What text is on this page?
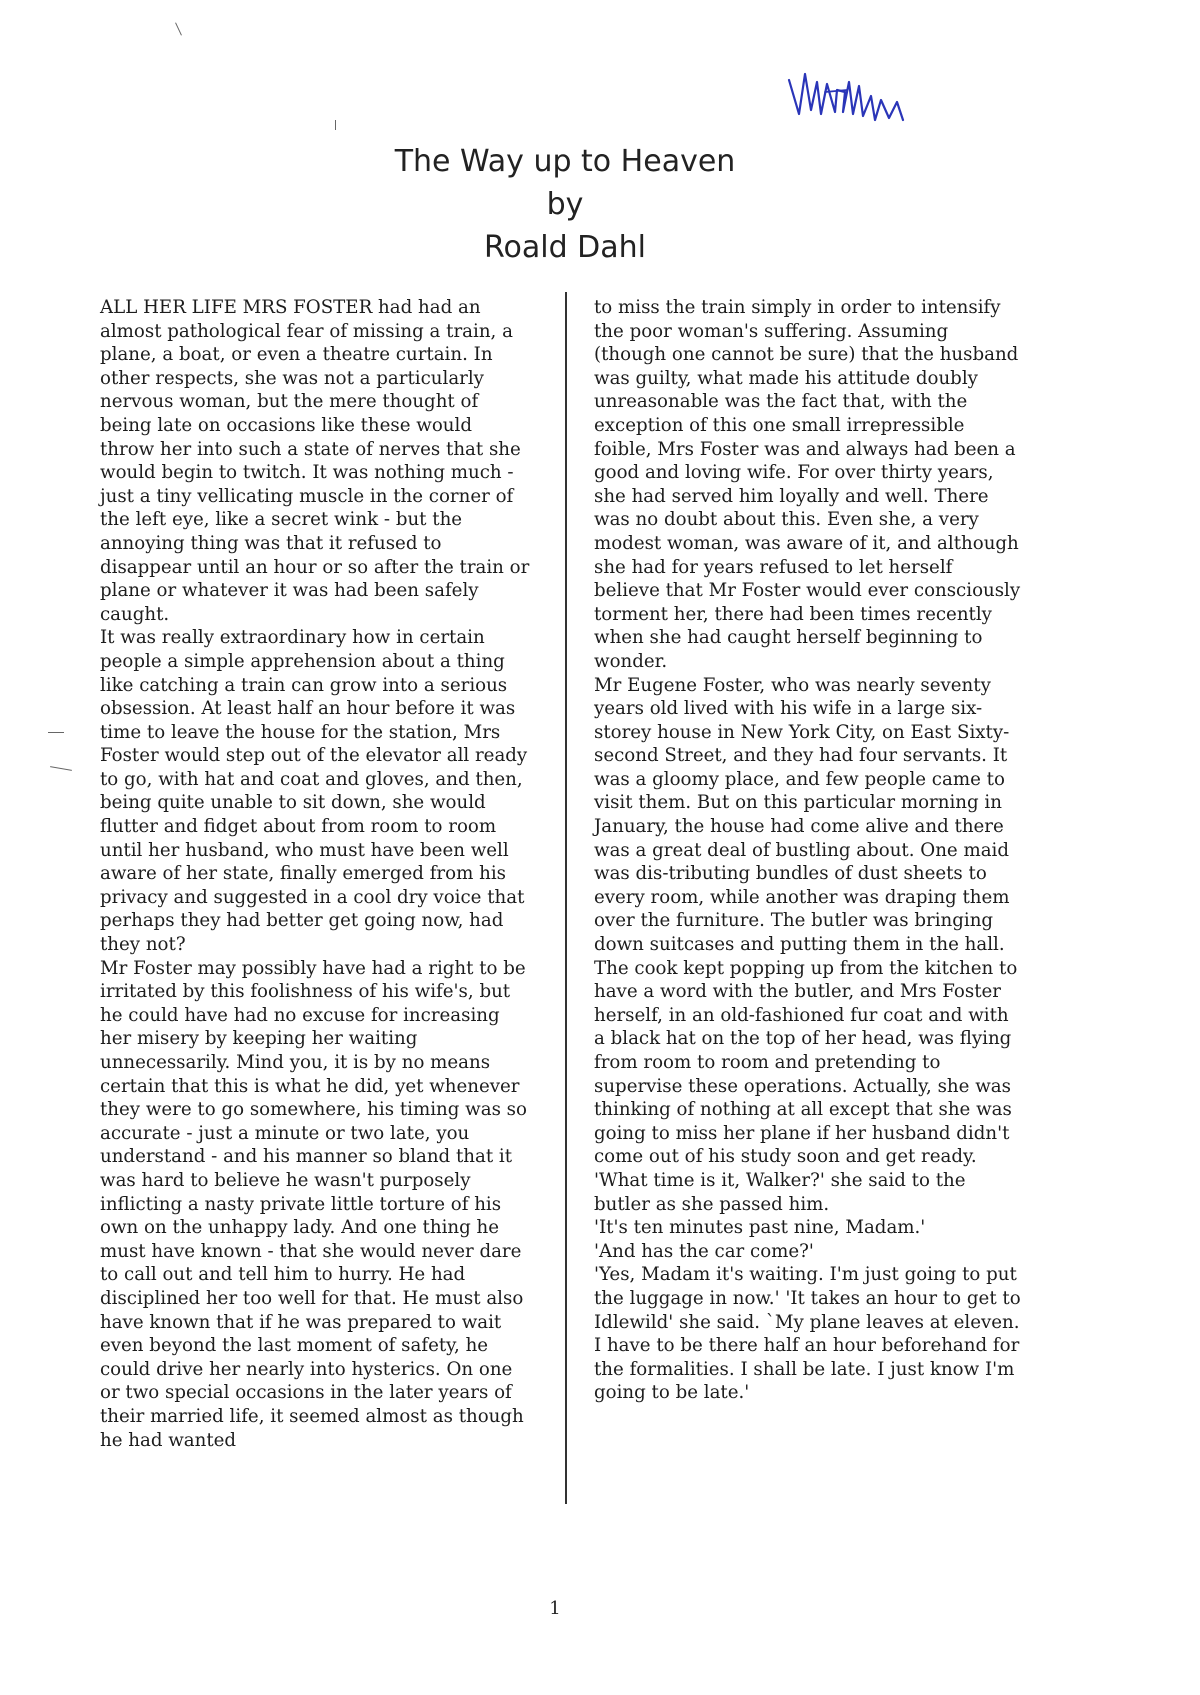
The Way up to Heaven
by
Roald Dahl

ALL HER LIFE MRS FOSTER had had an almost pathological fear of missing a train, a plane, a boat, or even a theatre curtain. In other respects, she was not a particularly nervous woman, but the mere thought of being late on occasions like these would throw her into such a state of nerves that she would begin to twitch. It was nothing much - just a tiny vellicating muscle in the corner of the left eye, like a secret wink - but the annoying thing was that it refused to disappear until an hour or so after the train or plane or whatever it was had been safely caught.

It was really extraordinary how in certain people a simple apprehension about a thing like catching a train can grow into a serious obsession. At least half an hour before it was time to leave the house for the station, Mrs Foster would step out of the elevator all ready to go, with hat and coat and gloves, and then, being quite unable to sit down, she would flutter and fidget about from room to room until her husband, who must have been well aware of her state, finally emerged from his privacy and suggested in a cool dry voice that perhaps they had better get going now, had they not?

Mr Foster may possibly have had a right to be irritated by this foolishness of his wife's, but he could have had no excuse for increasing her misery by keeping her waiting unnecessarily. Mind you, it is by no means certain that this is what he did, yet whenever they were to go somewhere, his timing was so accurate - just a minute or two late, you understand - and his manner so bland that it was hard to believe he wasn't purposely inflicting a nasty private little torture of his own on the unhappy lady. And one thing he must have known - that she would never dare to call out and tell him to hurry. He had disciplined her too well for that. He must also have known that if he was prepared to wait even beyond the last moment of safety, he could drive her nearly into hysterics. On one or two special occasions in the later years of their married life, it seemed almost as though he had wanted

to miss the train simply in order to intensify the poor woman's suffering. Assuming (though one cannot be sure) that the husband was guilty, what made his attitude doubly unreasonable was the fact that, with the exception of this one small irrepressible foible, Mrs Foster was and always had been a good and loving wife. For over thirty years, she had served him loyally and well. There was no doubt about this. Even she, a very modest woman, was aware of it, and although she had for years refused to let herself believe that Mr Foster would ever consciously torment her, there had been times recently when she had caught herself beginning to wonder.

Mr Eugene Foster, who was nearly seventy years old lived with his wife in a large six-storey house in New York City, on East Sixty-second Street, and they had four servants. It was a gloomy place, and few people came to visit them. But on this particular morning in January, the house had come alive and there was a great deal of bustling about. One maid was dis-tributing bundles of dust sheets to every room, while another was draping them over the furniture. The butler was bringing down suitcases and putting them in the hall. The cook kept popping up from the kitchen to have a word with the butler, and Mrs Foster herself, in an old-fashioned fur coat and with a black hat on the top of her head, was flying from room to room and pretending to supervise these operations. Actually, she was thinking of nothing at all except that she was going to miss her plane if her husband didn't come out of his study soon and get ready.

'What time is it, Walker?' she said to the butler as she passed him.

'It's ten minutes past nine, Madam.'

'And has the car come?'

'Yes, Madam it's waiting. I'm just going to put the luggage in now.' 'It takes an hour to get to Idlewild' she said. `My plane leaves at eleven. I have to be there half an hour beforehand for the formalities. I shall be late. I just know I'm going to be late.'

1
